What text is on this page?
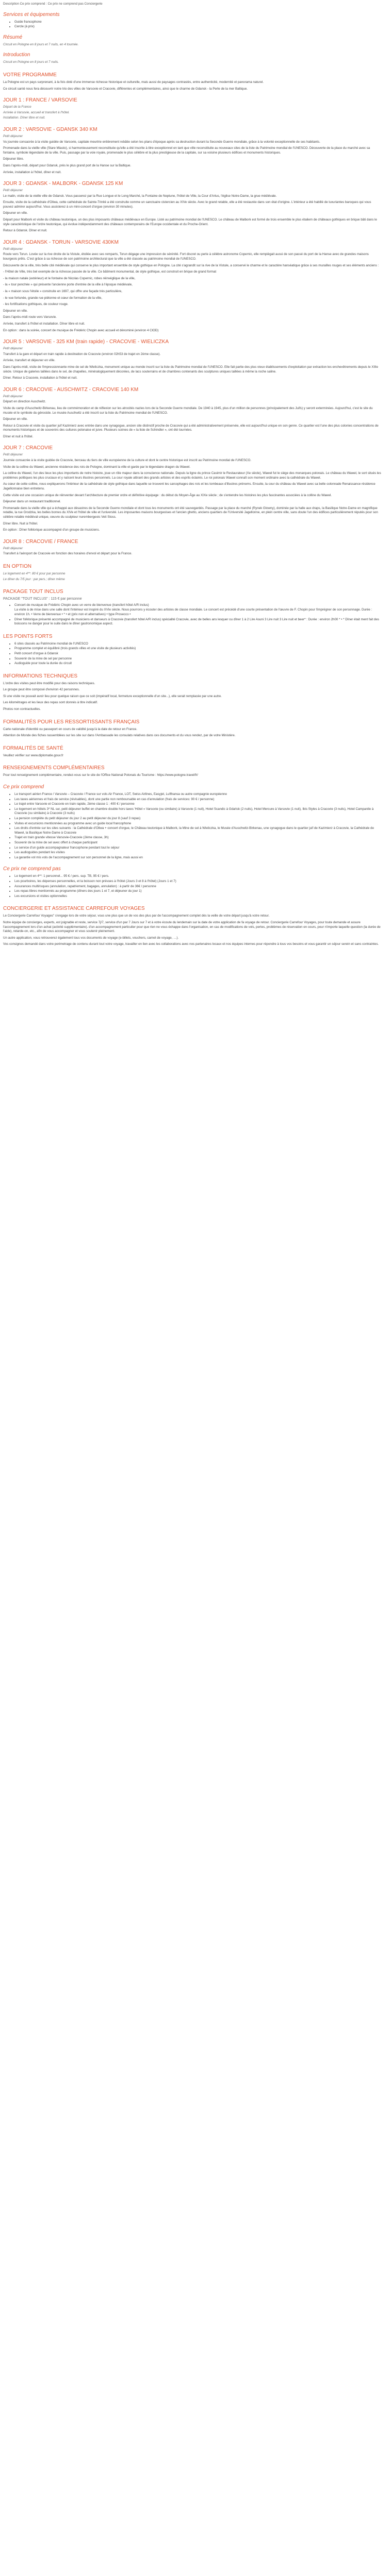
Description Ce prix comprend : Ce prix ne comprend pas Conciergerie

Services et équipements
• Guide francophone
• Cercle (à prix)
Résumé

Circuit en Pologne en 8 jours et 7 nuits, en 4 tournée.

Introduction

Circuit en Pologne en 8 jours et 7 nuits.

VOTRE PROGRAMME

La Pologne est un pays surprenant, à la fois doté d'une immense richesse historique et culturelle, mais aussi de paysages contrastés, entre authenticité, modernité et panorama naturel.

Ce circuit santé nous fera découvrir notre trio des villes de Varsovie et Cracovie, différentes et complémentaires, ainsi que le charme de Gdansk - la Perle de la mer Baltique.

JOUR 1 : FRANCE / VARSOVIE

Départ de la France

Arrivée à Varsovie, accueil et transfert à l'hôtel.

Installation. Dîner libre et nuit.

JOUR 2 : VARSOVIE - GDANSK 340 KM

Petit déjeuner

Vu journée consacrée à la visite guidée de Varsovie, capitale meurtrie entièrement rebâtie selon les plans d'époque après sa destruction durant la Seconde Guerre mondiale, grâce à la volonté exceptionnelle de ses habitants.

Promenade dans la vieille ville (Stare Miasto), si harmonieusement reconstituée qu'elle a été inscrite à titre exceptionnel en tant que ville reconstituite au nouveaux sites de la liste du Patrimoine mondial de l'UNESCO. Découverte de la place du marché avec sa fontaine, symbole légendaire de la ville. Puis, passage par la voie royale, promenade le plus célèbre et la plus prestigieuse de la capitale, sur sa voisine plusieurs édifices et monuments historiques.

Déjeuner libre.

Dans l'après-midi, départ pour Gdansk, près le plus grand port de la Hanse sur la Baltique.

Arrivée, installation à l'hôtel, dîner et nuit.

JOUR 3 : GDANSK - MALBORK - GDANSK 125 KM

Petit déjeuner

Le matin, visite de la vieille ville de Gdansk. Vous passerez par la Rue Longue et le Long Marché, la Fontaine de Neptune, l'hôtel de Ville, la Cour d'Artus, l'église Notre-Dame, la grue médiévale.

Ensuite, visite de la cathédrale d'Oliwa, cette cathédrale de Sainte-Trinité a été construite comme un sanctuaire cistercien au XIVe siècle. Avec le grand retable, elle a été restaurée dans son état d'origine. L'intérieur a été habillé de luxuriantes baroques qui vous pouvez admirer aujourd'hui. Vous assisterez à un mini-concert d'orgue (environ 30 minutes).

Déjeuner en ville.

Départ pour Malbork et visite du château teutonique, un des plus imposants châteaux médiévaux en Europe. Listé au patrimoine mondial de l'UNESCO. Le château de Malbork est formé de trois ensemble le plus étaliem de châteaux gothiques en brique bâti dans le style caractéristique de l'ordre teutonique, qui évolue indépendamment des châteaux contemporains de l'Europe occidentale et du Proche-Orient.

Retour à Gdansk. Dîner et nuit.

JOUR 4 : GDANSK - TORUN - VARSOVIE 430KM

Petit déjeuner

Route vers Torun. Lovée sur la rive droite de la Vistule, étoilée avec ses remparts, Torun dégage une impression de sérénité. Fort discret ou perle à célèbre astronome Copernic, elle rempiègait aussi de son passé du port de la Hanse avec de grandes maisons bourgeois prêts. C'est grâce à sa richesse de son patrimoine architectural que la ville a été classée au patrimoine mondial de l'UNESCO.

Découverte de la ville, très belle cité médiévale qui conserve le plus important ensemble de style gothique en Pologne. La cité s'agrandit sur la rive de la Vistule, a conservé le charme et le caractère hanséatique grâce à ses murailles rouges et ses éléments anciens :

- l'Hôtel de Ville, très bel exemple de la richesse passée de la ville. Ce bâtiment monumental, de style gothique, est construit en brique de grand format

- la maison natale (extérieur) et le fontaine de Nicolas Copernic, robes réinvéglique de la ville,

- la « tour penchée » qui présente l'ancienne porte d'entrée de la ville à l'époque médiévale,

- la « maison sous l'étoile » construite en 1697, qui offre une façade très particulière,

- le vue fortunée, grande rue piétonne et cœur de formation de la ville,

- les fortifications gothiques, de couleur rouge.

Déjeuner en ville.

Dans l'après-midi route vers Varsovie.

Arrivée, transfert à l'hôtel et installation. Dîner libre et nuit.

En option : dans la soirée, concert de musique de Frédéric Chopin avec accueil et dénominé (environ 4 ClOD)

JOUR 5 : VARSOVIE - 325 KM (train rapide) - CRACOVIE - WIELICZKA

Petit déjeuner

Transfert à la gare et départ en train rapide à destination de Cracovie (environ 02h53 de trajet en 2ème classe).

Arrivée, transfert et déjeuner en ville.

Dans l'après-midi, visite de l'impressionnante mine de sel de Wieliczka, monument unique au monde inscrit sur la liste du Patrimoine mondial de l'UNESCO. Elle fait partie des plus vieux établissements d'exploitation par extraction les enchevêtrements depuis le XIIIe siècle. Unique de galeries taillées dans le sel, de chapelles, minéralogiquement décorées, de lacs souterrains et de chambres contenants des sculptures uniques taillées à même la roche saline.

Dîner. Retour à Cracovie, installation à l'hôtel et nuit.

JOUR 6 : CRACOVIE - AUSCHWITZ - CRACOVIE 140 KM

Petit déjeuner

Départ en direction Auschwitz.

Visite du camp d'Auschwitz-Birkenau, lieu de commémoration et de réflexion sur les atrocités nazies lors de la Seconde Guerre mondiale. De 1940 à 1945, plus d'un million de personnes (principalement des Juifs) y seront exterminées. Aujourd'hui, c'est le site du musée et le symbole du génocide. Le musée Auschwitz a été inscrit sur la liste du Patrimoine mondial de l'UNESCO.

Déjeuner en ville.

Retour à Cracovie et visite du quartier juif Kazimierz avec entrée dans une synagogue, ancien site distinctif proche de Cracovie qui a été administrativement préservée, elle est aujourd'hui unique en son genre. Ce quartier est l'une des plus colonies concentrations de monuments historiques et de souvenirs des cultures polonaise et juive. Plusieurs scènes de « la liste de Schindler », ont été tournées.

Dîner et nuit à l'hôtel.

JOUR 7 : CRACOVIE

Petit déjeuner

Journée consacrée à la visite guidée de Cracovie, berceau du tiers de ville européenne de la culture et dont le centre historique est inscrit au Patrimoine mondial de l'UNESCO.

Visite de la colline du Wawel, ancienne résidence des rois de Pologne, dominant la ville et garde par le légendaire dragon du Wawel.

La colline du Wawel, l'un des lieux les plus importants de notre histoire, joue un rôle majeur dans la conscience nationale. Depuis la ligne du prince Casimir le Restaurateur (Xe siècle), Wawel fut le siège des monarques polonais. Le château du Wawel, le sort situés les problèmes politiques les plus cruciaux et y naîcent leurs illustres personnels. La cour royale attirant des grands artistes et des esprits éclairés. Le roi polonais Wawel connaît son moment ordinaire avec la cathédrale du Wawel.

Au cœur de cette colline, nous expliquerons l'intérieur de la cathédrale de style gothique dans laquelle se trouvent les sarcophages des rois et les tombeaux d'illustres prénoms. Ensuite, la cour du château du Wawel avec sa belle colonnade Renaissance résidence Jagellonnaise bien entretenu.

Cette visite est une occasion unique de réinventer devant l'architecture de premier ordre et définitive équipage : du début du Moyen-Âge au XIXe siècle ; de s'entendre les histoires les plus fascinantes associées à la colline du Wawel.

Déjeuner dans un restaurant traditionnel.

Promenade dans la vieille ville qui a échappé aux désastres de la Seconde Guerre mondiale et dont tous les monuments ont été sauvegardés. Passage par la place du marché (Rynek Glowny), dominée par la halle aux draps, la Basilique Notre-Dame en magnifique retable, la rue Grodzka, les belles bornes du XIVe et l'hôtel de ville et l'université. Les imposantes maisons bourgeoises et l'ancien ghetto, anciens quartiers de l'Université Jagellonne, en plein centre ville, sans doute l'un des édifices particulièrement réputés pour son célèbre retable médiéval unique, oeuvre du sculpteur nurembergeois Veit Stoss.

Dîner libre. Nuit à l'hôtel.

En option : Dîner folklorique accompagné d'un groupe de musiciens.

JOUR 8 : CRACOVIE / FRANCE

Petit déjeuner

Transfert à l'aéroport de Cracovie en fonction des horaires d'envol et départ pour la France.

EN OPTION

Le logement en 4**: 80 € pour par personne

Le dîner du 7/5 jour : par pers.; dîner même

PACKAGE TOUT INCLUS

PACKAGE "TOUT INCLUS" : 115 € par personne

• Concert de musique de Frédéric Chopin avec un verre de bienvenue (transfert hôtel A/R inclus)
La visite à de mise dans une salle dont l'intérieur est inspiré du XVIe siècle. Nous pourrons y écouter des artistes de classe mondiale. Le concert est précédé d'une courte présentation de l'œuvre de F. Chopin pour l'imprégner de son personnage. Durée : environ 1h. • Verre de bienvenue • * • et (prix non et alternatives) • type Prosecco •
• Dîner folklorique présenté accompagné de musiciens et danseurs à Cracovie (transfert hôtel A/R inclus) spécialité Cracovie, avec de belles ans lesquer ou dîner 1 à 2 Lire Asuni 3 Lire nuit 3 Lire nuit et beer* : Durée : environ 2h00 * • * Dîner était ment fait des boissons ne danger pour le suite dans le dîner gastronomique aspect.
LES POINTS FORTS
• 6 sites classés au Patrimoine mondial de l'UNESCO
• Programme complet et équilibré (trois grands villes et une visite de plusieurs activités)
• Petit concert d'orgue à Gdansk
• Souvenir de la mine de sel par personne
• Audioguide pour toute la durée du circuit
INFORMATIONS TECHNIQUES

L'ordre des visites peut être modifié pour des raisons techniques.

Le groupe peut être composé d'environ 42 personnes.

Si une visite ne pouvait avoir lieu pour quelque raison que ce soit (impératif local, fermeture exceptionnelle d'un site...), elle serait remplacée par une autre.

Les kilométrages et les lieux des repas sont donnés à titre indicatif.

Photos non contractuelles.

FORMALITÉS POUR LES RESSORTISSANTS FRANÇAIS

Carte nationale d'identité ou passeport en cours de validité jusqu'à la date de retour en France.

Attention de Monde des fiches rassemblées sur les site sur dans l'Ambassade les consulats relatives dans ces documents et du vous rendez, par de votre Ministère.

FORMALITÉS DE SANTÉ

Veuillez vérifier sur www.diplomatie.gouv.fr

RENSEIGNEMENTS COMPLÉMENTAIRES

Pour tout renseignement complémentaire, rendez-vous sur le site de l'Office National Polonais du Tourisme : https://www.pologne.travel/fr/

Ce prix comprend
• Le transport aérien France / Varsovie – Cracovie / France sur vols Air France, LOT, Swiss Airlines, Easyjet, Lufthansa ou autre compagnie européenne
• Les taxes aériennes et frais de service (révisables), dont une partie non remboursable en cas d'annulation (frais de services: 90 € / personne)
• Le trajet entre Varsovie et Cracovie en train rapide, 2ème classe 1 : 400 € / personne
• Le logement en hôtels 3* NL sur, petit déjeuner buffet en chambre double hors taxes 'Hôtel » Varsovie (ou similaire) à Varsovie (1 nuit), Hotel Scandic à Gdańsk (2 nuits), Hotel Mercure à Varsovie (1 nuit), Ibis Styles à Cracovie (3 nuits), Hotel Campanile à Cracovie (ou similaire) à Cracovie (3 nuits)
• La pension complète du petit déjeuner du jour 2 au petit déjeuner du jour 8 (sauf 3 repas)
• Visites et excursions mentionnées au programme avec un guide local francophone
• Les droits d'entrée sur les sites suivants : la Cathédrale d'Oliwa + concert d'orgue, le Château teutonique à Malbork, la Mine de sel à Wieliczka, le Musée d'Auschwitz-Birkenau, une synagogue dans le quartier juif de Kazimierz à Cracovie, la Cathédrale de Wawel, la Basilique Notre-Dame à Cracovie
• Trajet en train grande vitesse Varsovie-Cracovie (2ème classe, 3h)
• Souvenir de la mine de sel avec offert à chaque participant
• Le service d'un guide accompagnateur francophone pendant tout le séjour
• Les audioguides pendant les visites
• La garantie vol mis vols de l'accompagnement sur son personnel de la ligne, mais aussi en
Ce prix ne comprend pas
• Le logement en 4**: 1 personnel... 95 € / pers. sup. TB, 95 € / pers.
• Les pourboires, les dépenses personnelles, et la boisson non prévues à l'hôtel (Jours 3 et 8 à l'hôtel) (Jours 1 et 7)
• Assurances multirisques (annulation, rapatriement, bagages, annulation) : à partir de 36€ / personne
• Les repas libres mentionnés au programme (dîners des jours 1 et 7, et déjeuner du jour 1)
• Les excursions et visites optionnelles
CONCIERGERIE ET ASSISTANCE CARREFOUR VOYAGES

Le Conciergerie Carrefour Voyages" s'engage lors de votre séjour, vous une plus que un de vos des plus par de l'accompagnement complet dès la veille de votre départ jusqu'à votre retour.

Notre équipe de concierges, experts, est joignable et reste, service 7j/7, service d'un par 7 Jours sur 7 et à votre écoute du lendemain sur la date de votre application de fa voyage de retour. Conciergerie Carrefour Voyages, pour toute demande et assure l'accompagnement lors d'un achat (activité supplémentaire). d'un accompagnement particulier pour que rien ne vous échappe dans l'organisation, en cas de modifications de vols, pertes, problèmes de réservation en cours, pour n'importe laquelle question (la durée de l'aide), retarde-on, etc., afin de vous accompagner et vous soutenir pleinement.

Un autre application, vous retrouverez également tous vos documents de voyage (e-billets, vouchers, carnet de voyage, …).

Vos consignes demandé dans votre perimetrage de contenu durant tout votre voyage, travailler en lien avec les collaborations avec nos partenaires locaux et nos équipes internes pour répondre à tous vos besoins et vous garantir un séjour serein et sans contraintes.
